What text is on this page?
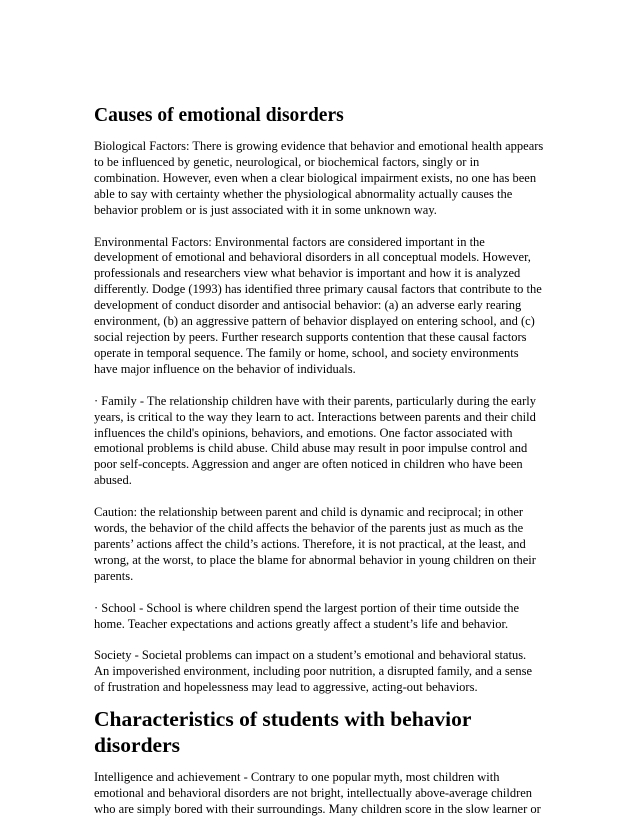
Causes of emotional disorders

Biological Factors: There is growing evidence that behavior and emotional health appears
to be influenced by genetic, neurological, or biochemical factors, singly or in
combination. However, even when a clear biological impairment exists, no one has been
able to say with certainty whether the physiological abnormality actually causes the
behavior problem or is just associated with it in some unknown way.

Environmental Factors: Environmental factors are considered important in the
development of emotional and behavioral disorders in all conceptual models. However,
professionals and researchers view what behavior is important and how it is analyzed
differently. Dodge (1993) has identified three primary causal factors that contribute to the
development of conduct disorder and antisocial behavior: (a) an adverse early rearing
environment, (b) an aggressive pattern of behavior displayed on entering school, and (c)
social rejection by peers. Further research supports contention that these causal factors
operate in temporal sequence. The family or home, school, and society environments
have major influence on the behavior of individuals.

· Family - The relationship children have with their parents, particularly during the early
years, is critical to the way they learn to act. Interactions between parents and their child
influences the child's opinions, behaviors, and emotions. One factor associated with
emotional problems is child abuse. Child abuse may result in poor impulse control and
poor self-concepts. Aggression and anger are often noticed in children who have been
abused.

Caution: the relationship between parent and child is dynamic and reciprocal; in other
words, the behavior of the child affects the behavior of the parents just as much as the
parents’ actions affect the child’s actions. Therefore, it is not practical, at the least, and
wrong, at the worst, to place the blame for abnormal behavior in young children on their
parents.

· School - School is where children spend the largest portion of their time outside the
home. Teacher expectations and actions greatly affect a student’s life and behavior.

Society - Societal problems can impact on a student’s emotional and behavioral status.
An impoverished environment, including poor nutrition, a disrupted family, and a sense
of frustration and hopelessness may lead to aggressive, acting-out behaviors.

Characteristics of students with behavior disorders

Intelligence and achievement - Contrary to one popular myth, most children with
emotional and behavioral disorders are not bright, intellectually above-average children
who are simply bored with their surroundings. Many children score in the slow learner or
